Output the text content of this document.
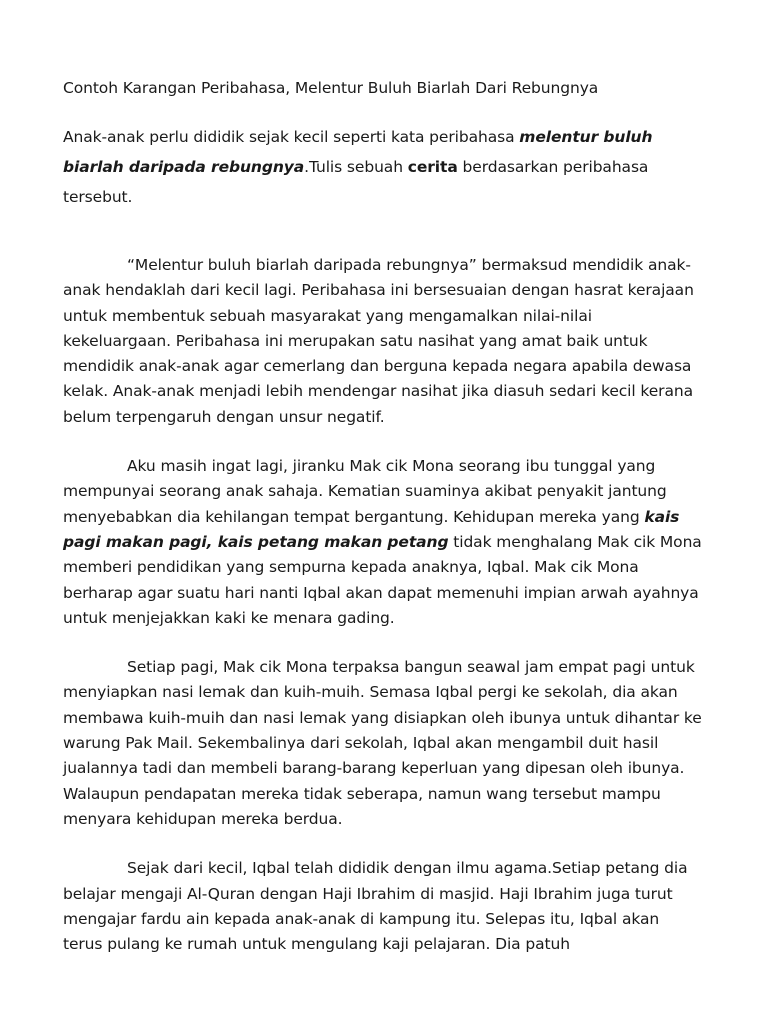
Contoh Karangan Peribahasa, Melentur Buluh Biarlah Dari Rebungnya

Anak-anak perlu dididik sejak kecil seperti kata peribahasa melentur buluh biarlah daripada rebungnya.Tulis sebuah cerita berdasarkan peribahasa tersebut.

“Melentur buluh biarlah daripada rebungnya” bermaksud mendidik anak- anak hendaklah dari kecil lagi. Peribahasa ini bersesuaian dengan hasrat kerajaan untuk membentuk sebuah masyarakat yang mengamalkan nilai-nilai kekeluargaan. Peribahasa ini merupakan satu nasihat yang amat baik untuk mendidik anak-anak agar cemerlang dan berguna kepada negara apabila dewasa kelak. Anak-anak menjadi lebih mendengar nasihat jika diasuh sedari kecil kerana belum terpengaruh dengan unsur negatif.

Aku masih ingat lagi, jiranku Mak cik Mona seorang ibu tunggal yang mempunyai seorang anak sahaja. Kematian suaminya akibat penyakit jantung menyebabkan dia kehilangan tempat bergantung. Kehidupan mereka yang kais pagi makan pagi, kais petang makan petang tidak menghalang Mak cik Mona memberi pendidikan yang sempurna kepada anaknya, Iqbal. Mak cik Mona berharap agar suatu hari nanti Iqbal akan dapat memenuhi impian arwah ayahnya untuk menjejakkan kaki ke menara gading.

Setiap pagi, Mak cik Mona terpaksa bangun seawal jam empat pagi untuk menyiapkan nasi lemak dan kuih-muih. Semasa Iqbal pergi ke sekolah, dia akan membawa kuih-muih dan nasi lemak yang disiapkan oleh ibunya untuk dihantar ke warung Pak Mail. Sekembalinya dari sekolah, Iqbal akan mengambil duit hasil jualannya tadi dan membeli barang-barang keperluan yang dipesan oleh ibunya. Walaupun pendapatan mereka tidak seberapa, namun wang tersebut mampu menyara kehidupan mereka berdua.

Sejak dari kecil, Iqbal telah dididik dengan ilmu agama.Setiap petang dia belajar mengaji Al-Quran dengan Haji Ibrahim di masjid. Haji Ibrahim juga turut mengajar fardu ain kepada anak-anak di kampung itu. Selepas itu, Iqbal akan terus pulang ke rumah untuk mengulang kaji pelajaran. Dia patuh
